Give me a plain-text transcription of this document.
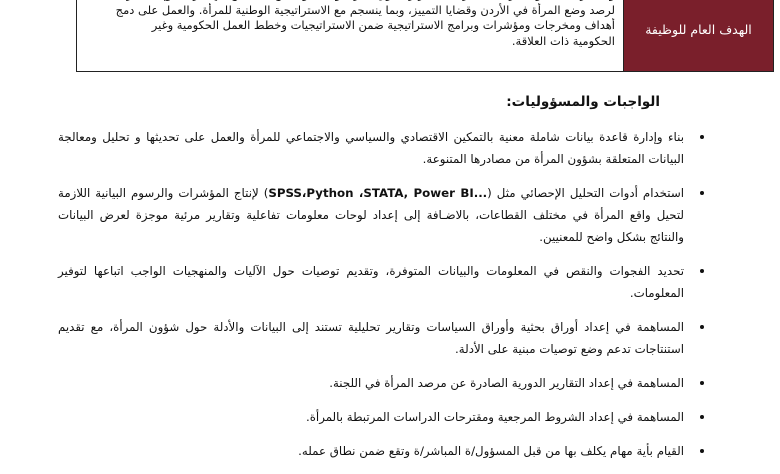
الهدف العام للوظيفة
لرصد وضع المرأة في الأردن وقضايا التمييز، وبما ينسجم مع الاستراتيجية الوطنية للمرأة. والعمل على دمج
أهداف ومخرجات ومؤشرات وبرامج الاستراتيجية ضمن الاستراتيجيات وخطط العمل الحكومية وغير
الحكومية ذات العلاقة.
الواجبات والمسؤوليات:
بناء وإدارة قاعدة بيانات شاملة معنية بالتمكين الاقتصادي والسياسي والاجتماعي للمرأة والعمل على تحديثها و تحليل ومعالجة البيانات المتعلقة بشؤون المرأة من مصادرها المتنوعة.
استخدام أدوات التحليل الإحصائي مثل (SPSS،Python ،STATA, Power BI...) لإنتاج المؤشرات والرسوم البيانية اللازمة لتحيل واقع المرأة في مختلف القطاعات، بالاضـافة إلى إعداد لوحات معلومات تفاعلية وتقارير مرئية موجزة لعرض البيانات والنتائج بشكل واضح للمعنيين.
تحديد الفجوات والنقص في المعلومات والبيانات المتوفرة، وتقديم توصيات حول الآليات والمنهجيات الواجب اتباعها لتوفير المعلومات.
المساهمة في إعداد أوراق بحثية وأوراق السياسات وتقارير تحليلية تستند إلى البيانات والأدلة حول شؤون المرأة، مع تقديم استنتاجات تدعم وضع توصيات مبنية على الأدلة.
المساهمة في إعداد التقارير الدورية الصادرة عن مرصد المرأة في اللجنة.
المساهمة في إعداد الشروط المرجعية ومقترحات الدراسات المرتبطة بالمرأة.
القيام بأية مهام يكلف بها من قبل المسؤول/ة المباشر/ة وتقع ضمن نطاق عمله.
